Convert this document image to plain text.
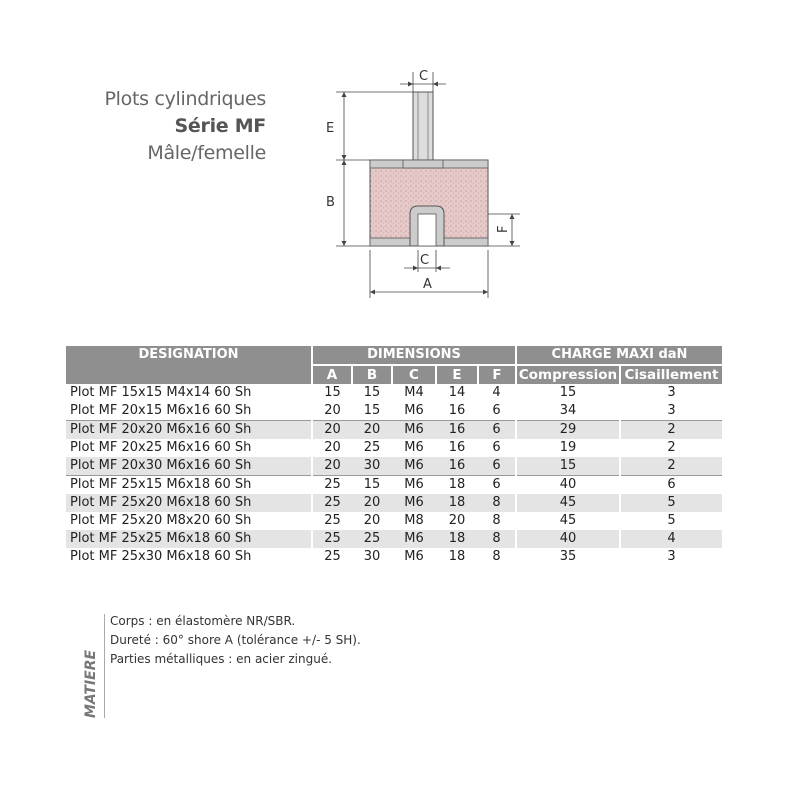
Plots cylindriques
Série MF
Mâle/femelle
C
E
B
C
F
A
DESIGNATION	DIMENSIONS					CHARGE MAXI daN	
	A	B	C	E	F	Compression	Cisaillement
Plot MF 15x15 M4x14 60 Sh	15	15	M4	14	4	15	3
Plot MF 20x15 M6x16 60 Sh	20	15	M6	16	6	34	3
Plot MF 20x20 M6x16 60 Sh	20	20	M6	16	6	29	2
Plot MF 20x25 M6x16 60 Sh	20	25	M6	16	6	19	2
Plot MF 20x30 M6x16 60 Sh	20	30	M6	16	6	15	2
Plot MF 25x15 M6x18 60 Sh	25	15	M6	18	6	40	6
Plot MF 25x20 M6x18 60 Sh	25	20	M6	18	8	45	5
Plot MF 25x20 M8x20 60 Sh	25	20	M8	20	8	45	5
Plot MF 25x25 M6x18 60 Sh	25	25	M6	18	8	40	4
Plot MF 25x30 M6x18 60 Sh	25	30	M6	18	8	35	3
MATIERE
Corps : en élastomère NR/SBR.
Dureté : 60° shore A (tolérance +/- 5 SH).
Parties métalliques : en acier zingué.
